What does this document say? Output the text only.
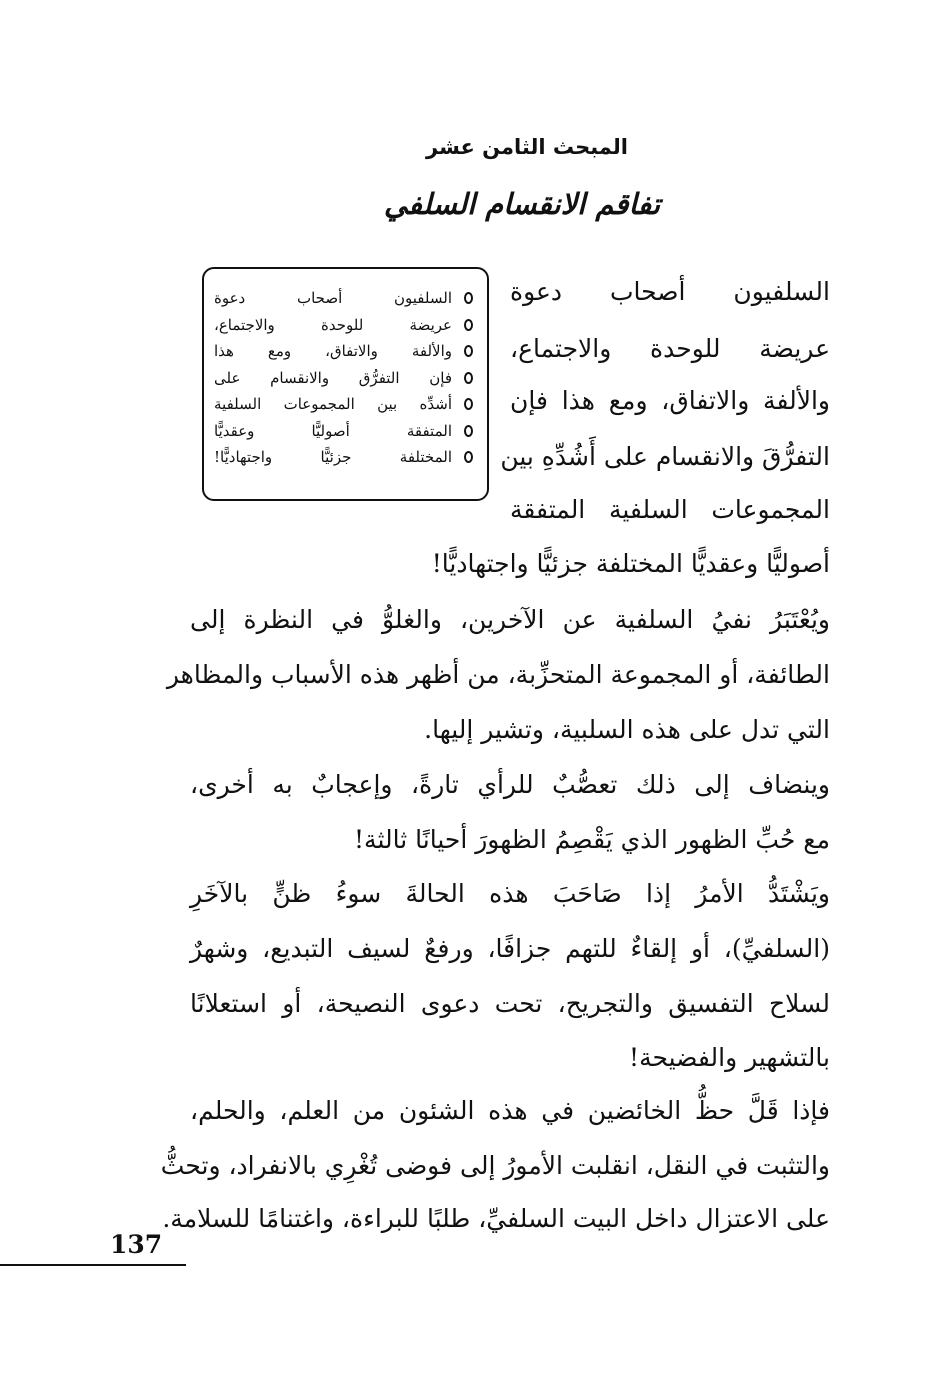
المبحث الثامن عشر
تفاقم الانقسام السلفي
السلفيون أصحاب دعوة
عريضة للوحدة والاجتماع،
والألفة والاتفاق، ومع هذا
فإن التفرُّق والانقسام على
أشدِّه بين المجموعات السلفية
المتفقة أصوليًّا وعقديًّا
المختلفة جزئيًّا واجتهاديًّا!
السلفيون أصحاب دعوة
عريضة للوحدة والاجتماع،
والألفة والاتفاق، ومع هذا فإن
التفرُّقَ والانقسام على أَشُدِّهِ بين
المجموعات السلفية المتفقة
أصوليًّا وعقديًّا المختلفة جزئيًّا واجتهاديًّا!
ويُعْتَبَرُ نفيُ السلفية عن الآخرين، والغلوُّ في النظرة إلى
الطائفة، أو المجموعة المتحزِّبة، من أظهر هذه الأسباب والمظاهر
التي تدل على هذه السلبية، وتشير إليها.
وينضاف إلى ذلك تعصُّبٌ للرأي تارةً، وإعجابٌ به أخرى،
مع حُبِّ الظهور الذي يَقْصِمُ الظهورَ أحيانًا ثالثة!
ويَشْتَدُّ الأمرُ إذا صَاحَبَ هذه الحالةَ سوءُ ظنٍّ بالآخَرِ
(السلفيِّ)، أو إلقاءٌ للتهم جزافًا، ورفعٌ لسيف التبديع، وشهرٌ
لسلاح التفسيق والتجريح، تحت دعوى النصيحة، أو استعلانًا
بالتشهير والفضيحة!
فإذا قَلَّ حظُّ الخائضين في هذه الشئون من العلم، والحلم،
والتثبت في النقل، انقلبت الأمورُ إلى فوضى تُغْرِي بالانفراد، وتحثُّ
على الاعتزال داخل البيت السلفيِّ، طلبًا للبراءة، واغتنامًا للسلامة.
137
